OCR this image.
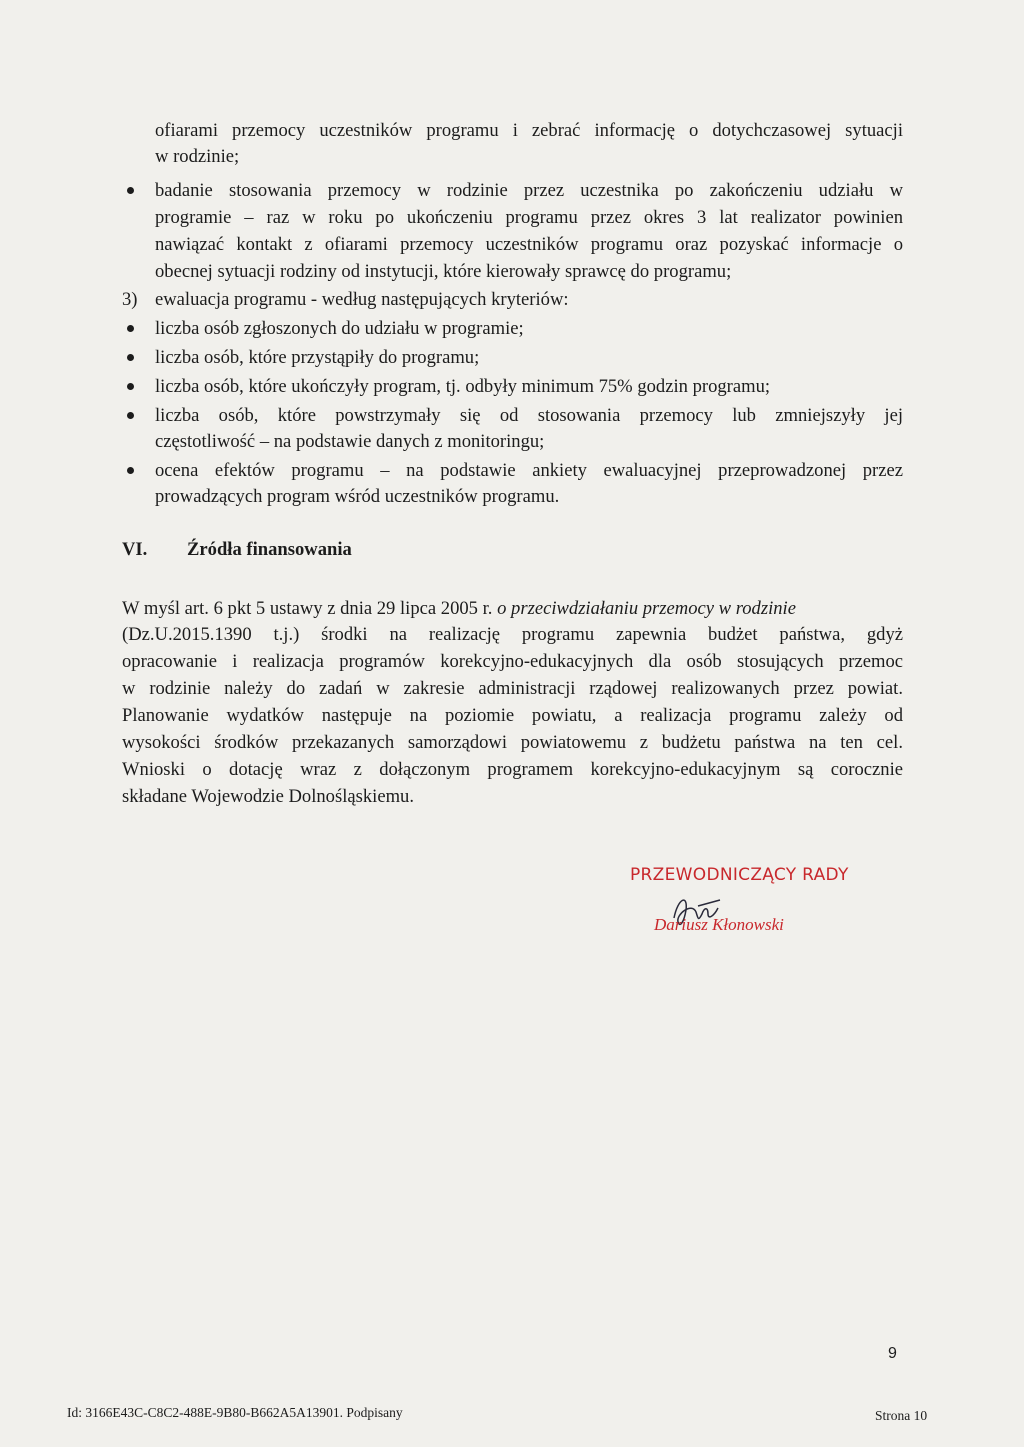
ofiarami przemocy uczestników programu i zebrać informację o dotychczasowej sytuacji
w rodzinie;
badanie stosowania przemocy w rodzinie przez uczestnika po zakończeniu udziału w
programie – raz w roku po ukończeniu programu przez okres 3 lat realizator powinien
nawiązać kontakt z ofiarami przemocy uczestników programu oraz pozyskać informacje o
obecnej sytuacji rodziny od instytucji, które kierowały sprawcę do programu;
3) ewaluacja programu - według następujących kryteriów:
liczba osób zgłoszonych do udziału w programie;
liczba osób, które przystąpiły do programu;
liczba osób, które ukończyły program, tj. odbyły minimum 75% godzin programu;
liczba osób, które powstrzymały się od stosowania przemocy lub zmniejszyły jej
częstotliwość – na podstawie danych z monitoringu;
ocena efektów programu – na podstawie ankiety ewaluacyjnej przeprowadzonej przez
prowadzących program wśród uczestników programu.
VI. Źródła finansowania
W myśl art. 6 pkt 5 ustawy z dnia 29 lipca 2005 r. o przeciwdziałaniu przemocy w rodzinie
(Dz.U.2015.1390 t.j.) środki na realizację programu zapewnia budżet państwa, gdyż
opracowanie i realizacja programów korekcyjno-edukacyjnych dla osób stosujących przemoc
w rodzinie należy do zadań w zakresie administracji rządowej realizowanych przez powiat.
Planowanie wydatków następuje na poziomie powiatu, a realizacja programu zależy od
wysokości środków przekazanych samorządowi powiatowemu z budżetu państwa na ten cel.
Wnioski o dotację wraz z dołączonym programem korekcyjno-edukacyjnym są corocznie
składane Wojewodzie Dolnośląskiemu.
PRZEWODNICZĄCY RADY
Dariusz Kłonowski
9
Id: 3166E43C-C8C2-488E-9B80-B662A5A13901. Podpisany	Strona 10
